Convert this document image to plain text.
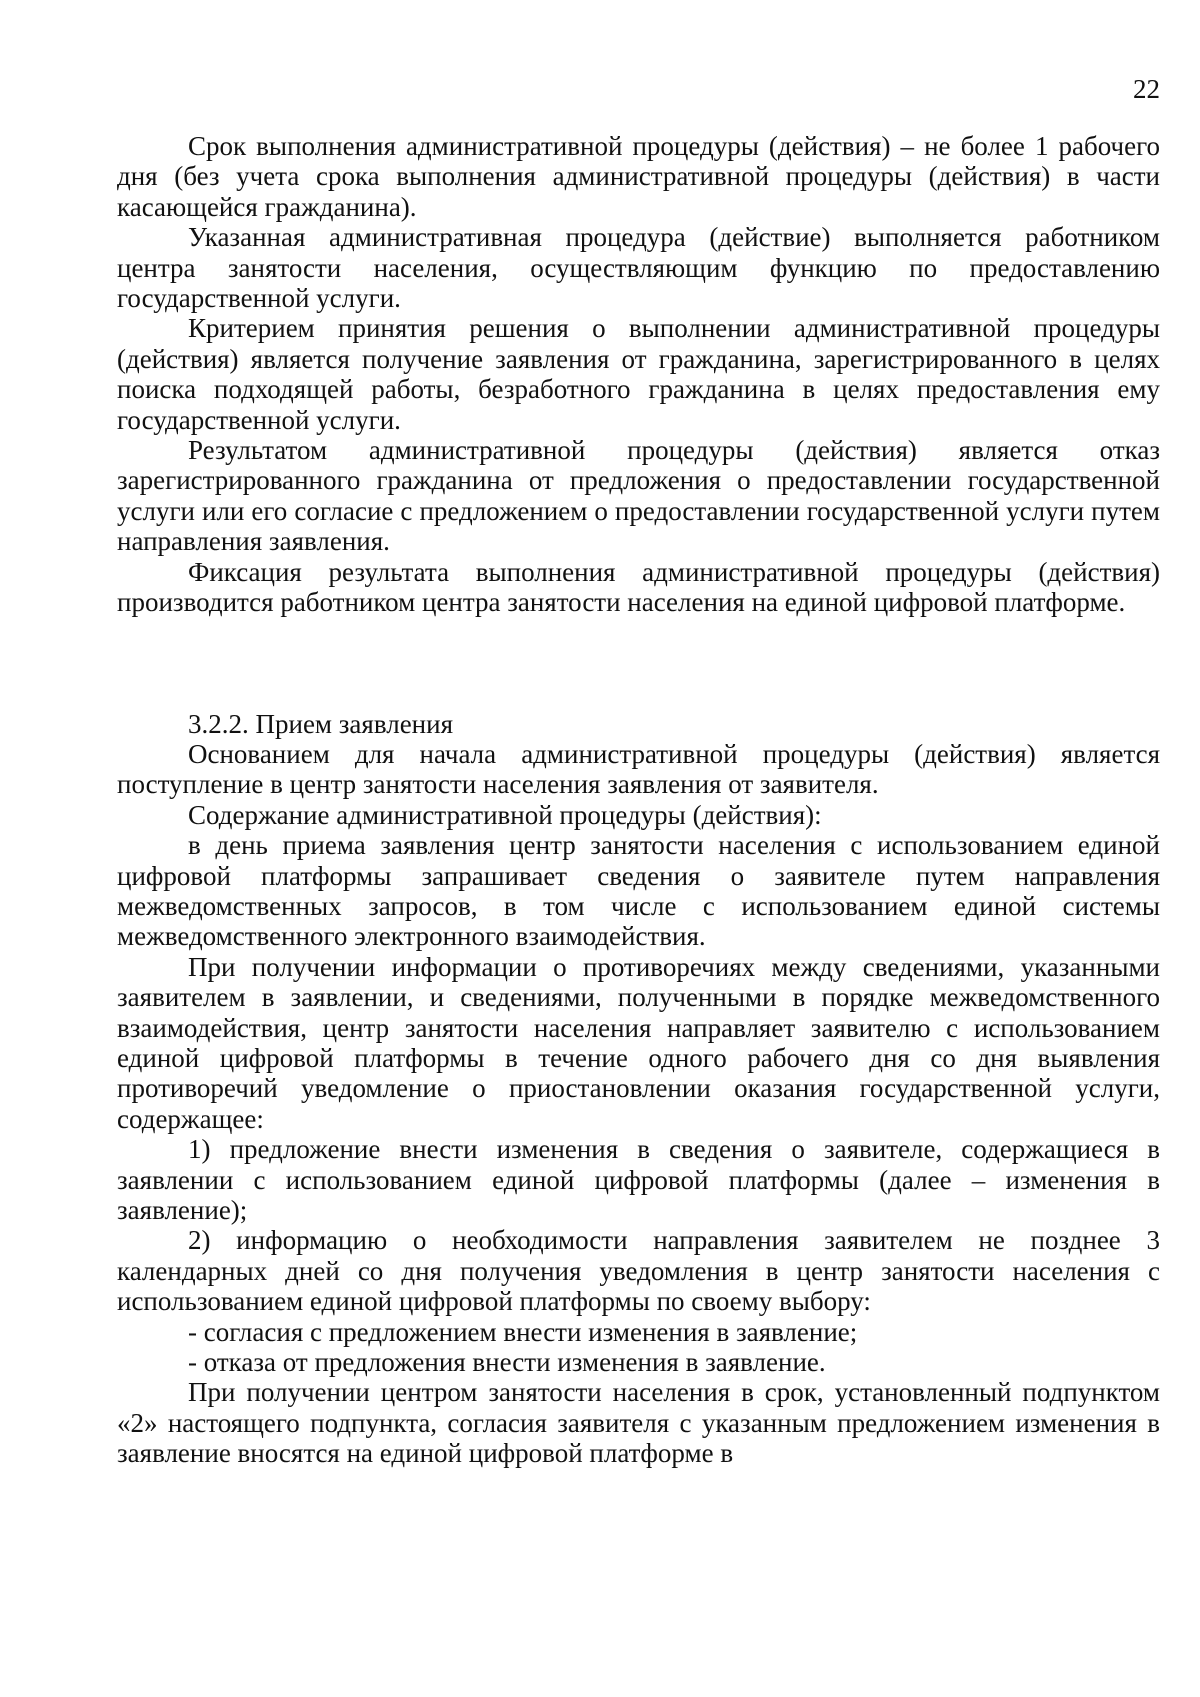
22

Срок выполнения административной процедуры (действия) – не более 1 рабочего дня (без учета срока выполнения административной процедуры (действия) в части касающейся гражданина).

Указанная административная процедура (действие) выполняется работником центра занятости населения, осуществляющим функцию по предоставлению государственной услуги.

Критерием принятия решения о выполнении административной процедуры (действия) является получение заявления от гражданина, зарегистрированного в целях поиска подходящей работы, безработного гражданина в целях предоставления ему государственной услуги.

Результатом административной процедуры (действия) является отказ зарегистрированного гражданина от предложения о предоставлении государственной услуги или его согласие с предложением о предоставлении государственной услуги путем направления заявления.

Фиксация результата выполнения административной процедуры (действия) производится работником центра занятости населения на единой цифровой платформе.

3.2.2. Прием заявления

Основанием для начала административной процедуры (действия) является поступление в центр занятости населения заявления от заявителя.

Содержание административной процедуры (действия):

в день приема заявления центр занятости населения с использованием единой цифровой платформы запрашивает сведения о заявителе путем направления межведомственных запросов, в том числе с использованием единой системы межведомственного электронного взаимодействия.

При получении информации о противоречиях между сведениями, указанными заявителем в заявлении, и сведениями, полученными в порядке межведомственного взаимодействия, центр занятости населения направляет заявителю с использованием единой цифровой платформы в течение одного рабочего дня со дня выявления противоречий уведомление о приостановлении оказания государственной услуги, содержащее:

1) предложение внести изменения в сведения о заявителе, содержащиеся в заявлении с использованием единой цифровой платформы (далее – изменения в заявление);

2) информацию о необходимости направления заявителем не позднее 3 календарных дней со дня получения уведомления в центр занятости населения с использованием единой цифровой платформы по своему выбору:

- согласия с предложением внести изменения в заявление;

- отказа от предложения внести изменения в заявление.

При получении центром занятости населения в срок, установленный подпунктом «2» настоящего подпункта, согласия заявителя с указанным предложением изменения в заявление вносятся на единой цифровой платформе в
